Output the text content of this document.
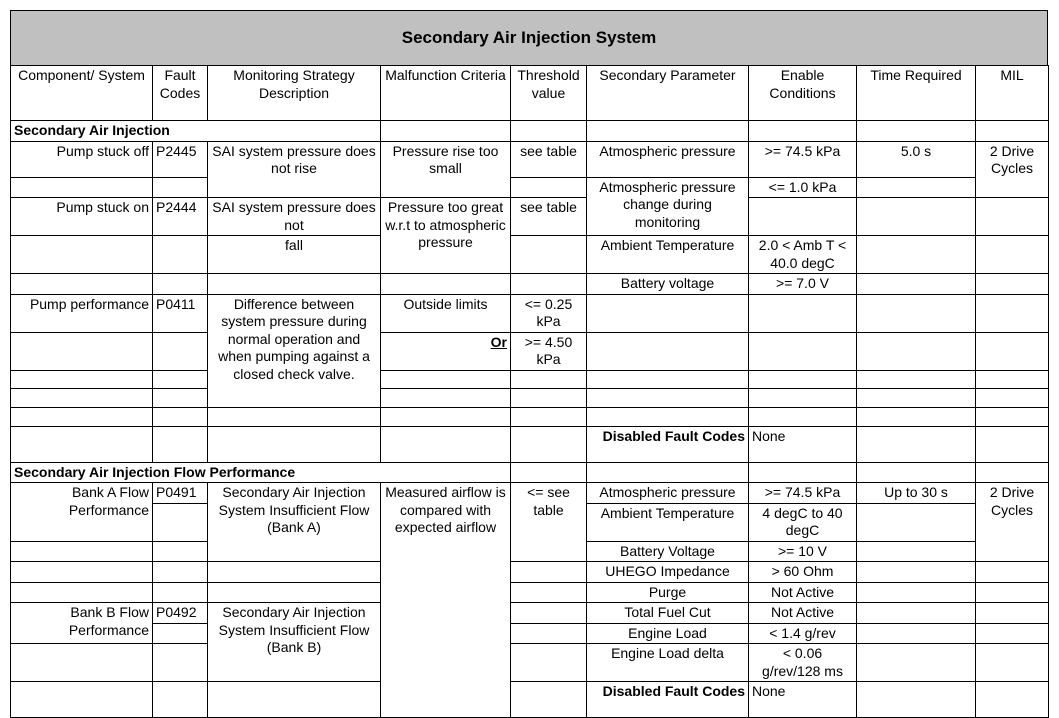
Secondary Air Injection System
Component/ System	Fault Codes	Monitoring Strategy Description	Malfunction Criteria	Threshold value	Secondary Parameter	Enable Conditions	Time Required	MIL
Secondary Air Injection								
Pump stuck off	P2445	SAI system pressure does not rise	Pressure rise too small	see table	Atmospheric pressure	>= 74.5 kPa	5.0 s	2 Drive Cycles
					Atmospheric pressure change during monitoring	<= 1.0 kPa		
Pump stuck on	P2444	SAI system pressure does not	Pressure too great w.r.t to atmospheric pressure	see table				
		fall			Ambient Temperature	2.0 < Amb T < 40.0 degC		
					Battery voltage	>= 7.0 V		
Pump performance	P0411	Difference between system pressure during normal operation and when pumping against a closed check valve.	Outside limits	<= 0.25 kPa				
			Or	>= 4.50 kPa				

					Disabled Fault Codes	None		
Secondary Air Injection Flow Performance								
Bank A Flow Performance	P0491	Secondary Air Injection System Insufficient Flow (Bank A)	Measured airflow is compared with expected airflow	<= see table	Atmospheric pressure	>= 74.5 kPa	Up to 30 s	2 Drive Cycles
					Ambient Temperature	4 degC to 40 degC		
					Battery Voltage	>= 10 V		
					UHEGO Impedance	> 60 Ohm		
					Purge	Not Active		
Bank B Flow Performance	P0492	Secondary Air Injection System Insufficient Flow (Bank B)			Total Fuel Cut	Not Active		
					Engine Load	< 1.4 g/rev		
					Engine Load delta	< 0.06 g/rev/128 ms		
					Disabled Fault Codes	None		
